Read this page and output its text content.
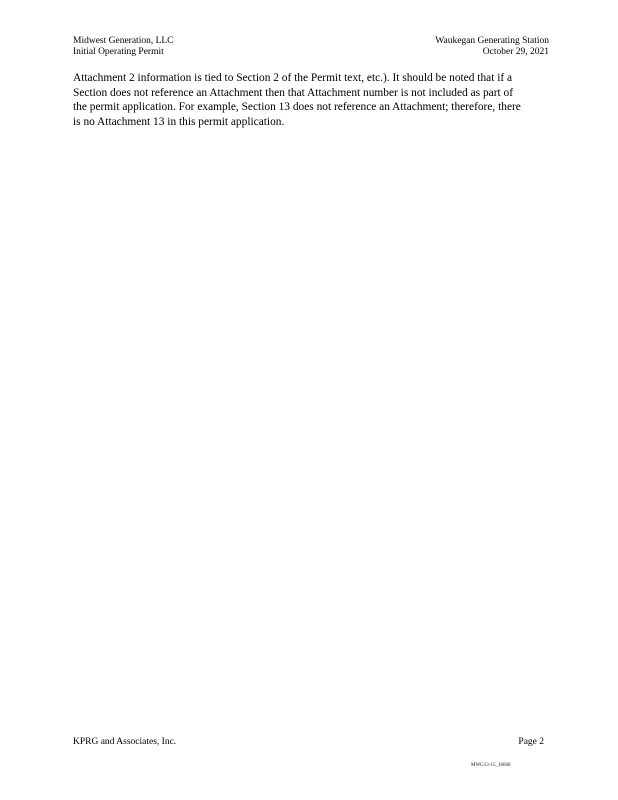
Midwest Generation, LLC
Initial Operating Permit
Waukegan Generating Station
October 29, 2021
Attachment 2 information is tied to Section 2 of the Permit text, etc.). It should be noted that if a
Section does not reference an Attachment then that Attachment number is not included as part of
the permit application. For example, Section 13 does not reference an Attachment; therefore, there
is no Attachment 13 in this permit application.
KPRG and Associates, Inc.	Page 2
MWG13-15_10668
